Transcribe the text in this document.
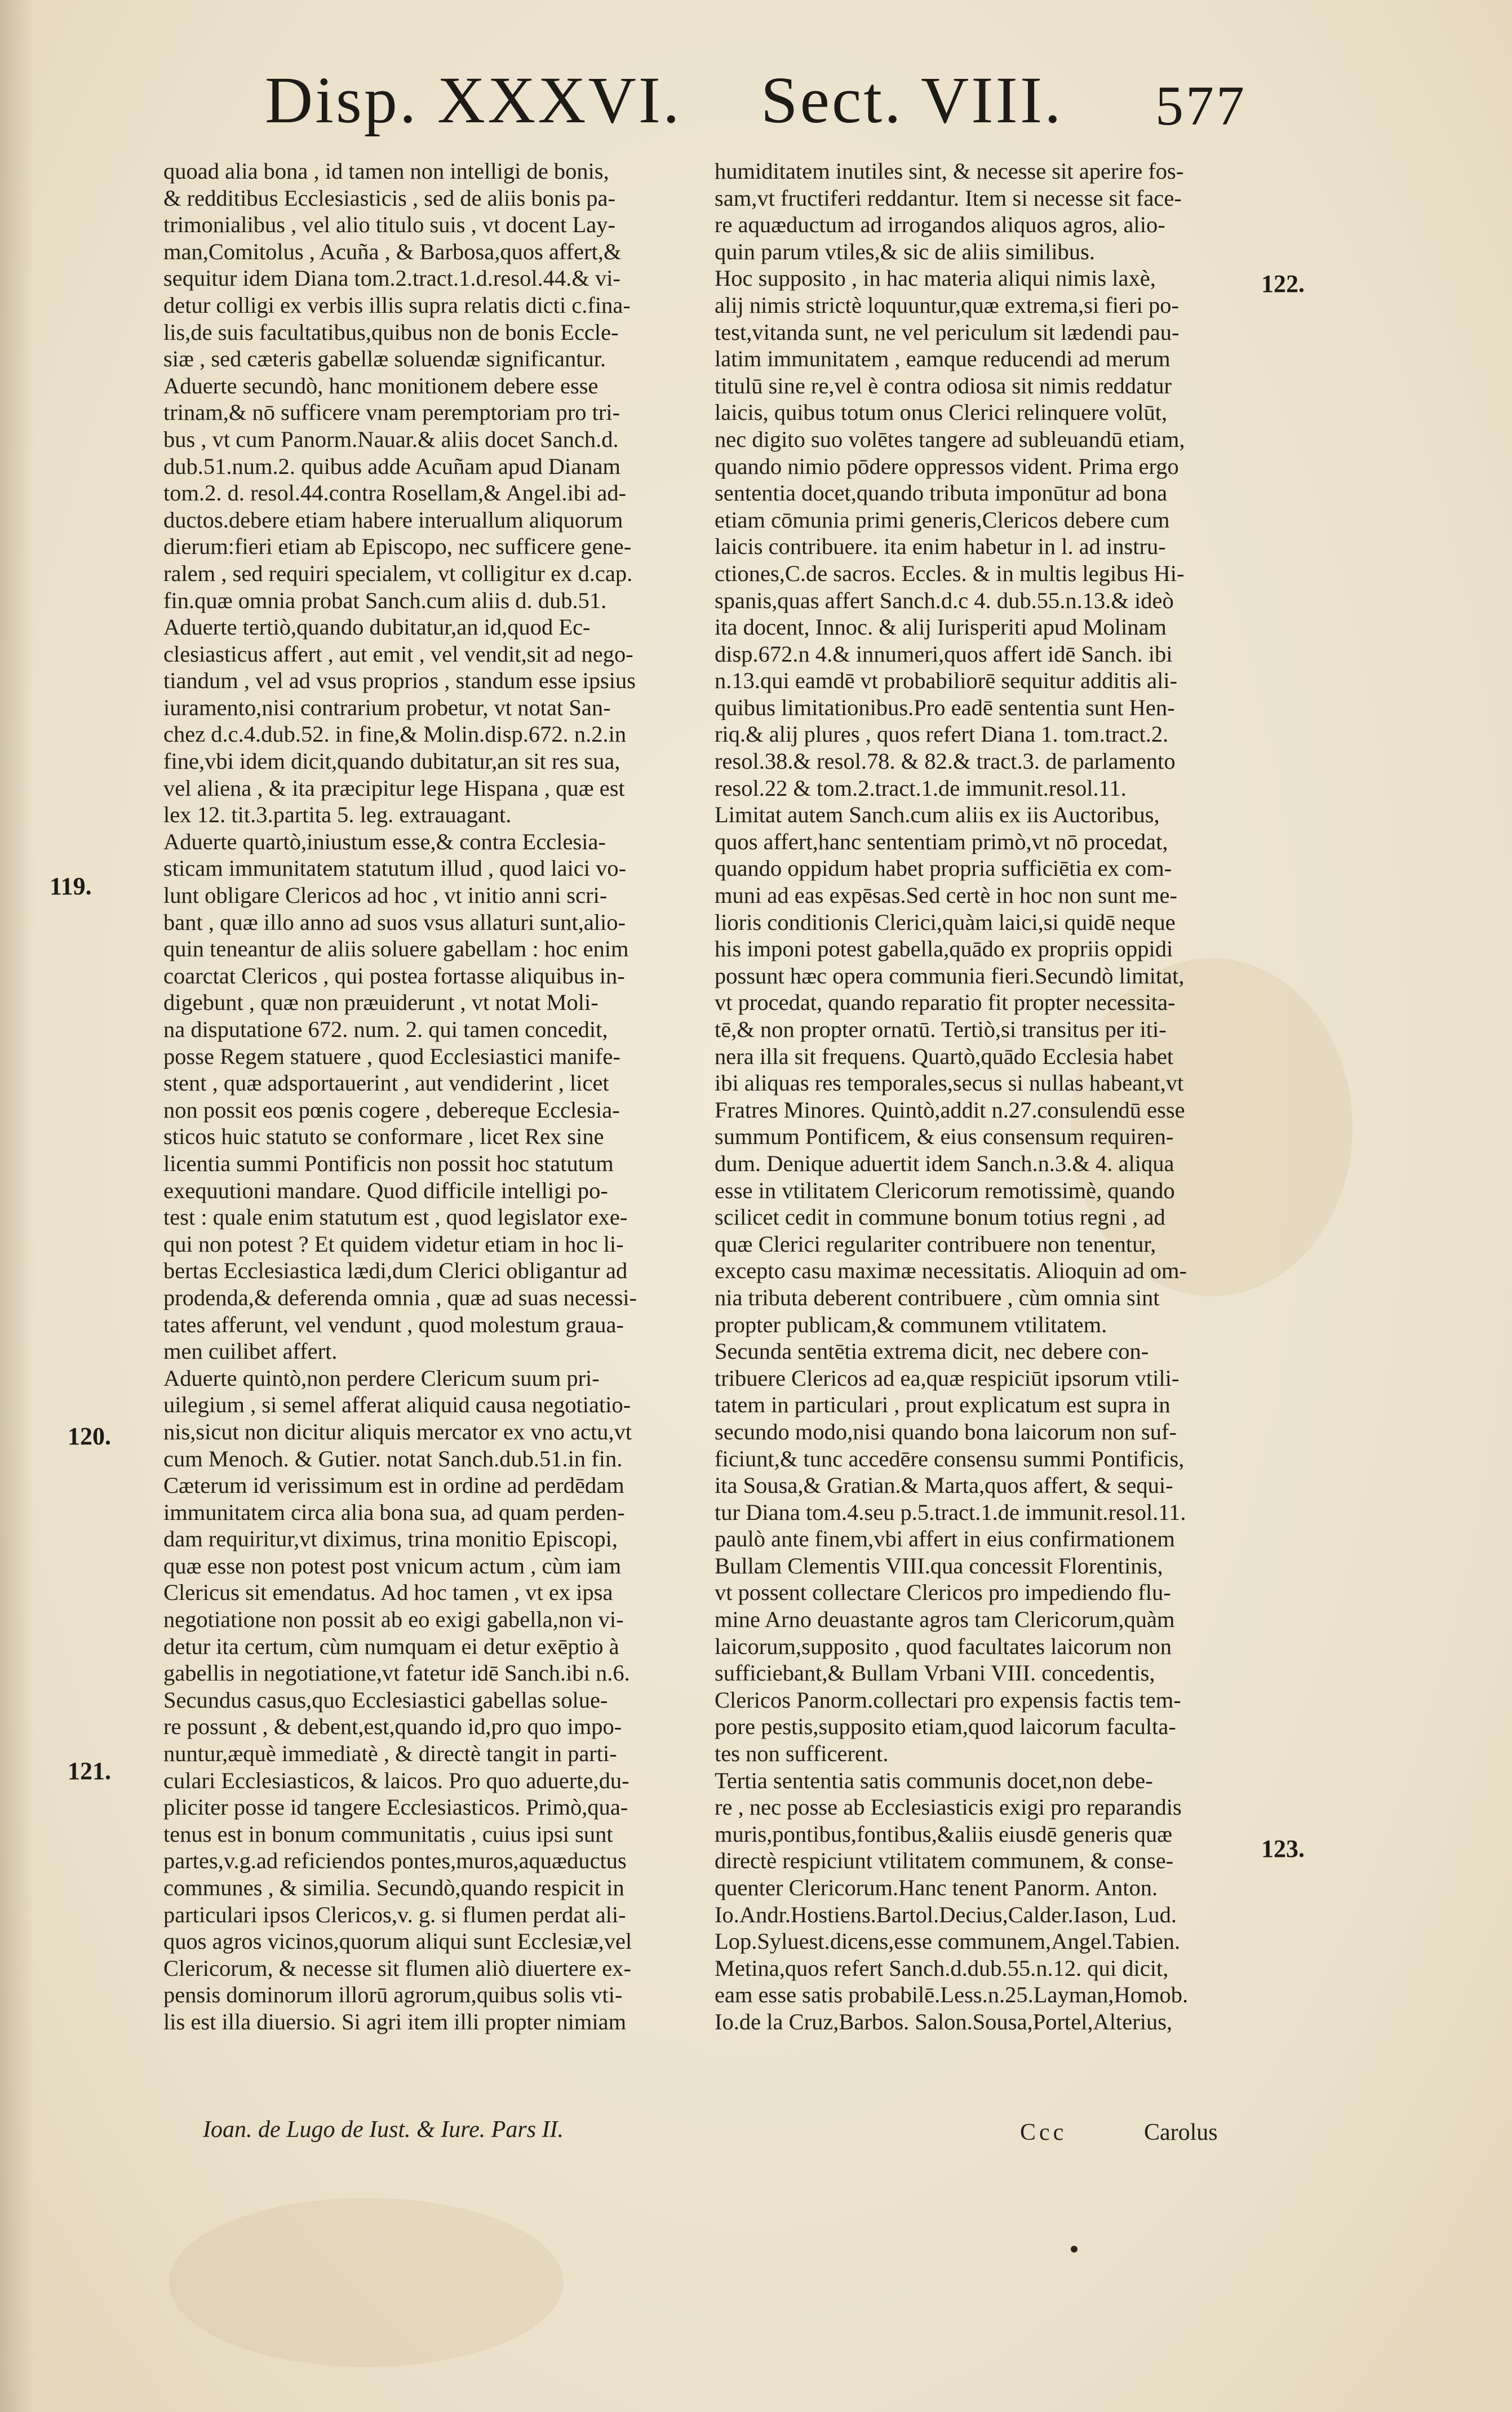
Disp. XXXVI. Sect. VIII. 577

quoad alia bona , id tamen non intelligi de bonis,

& redditibus Ecclesiasticis , sed de aliis bonis pa-

trimonialibus , vel alio titulo suis , vt docent Lay-

man,Comitolus , Acuña , & Barbosa,quos affert,&

sequitur idem Diana tom.2.tract.1.d.resol.44.& vi-

detur colligi ex verbis illis supra relatis dicti c.fina-

lis,de suis facultatibus,quibus non de bonis Eccle-

siæ , sed cæteris gabellæ soluendæ significantur.

Aduerte secundò, hanc monitionem debere esse

trinam,& nō sufficere vnam peremptoriam pro tri-

bus , vt cum Panorm.Nauar.& aliis docet Sanch.d.

dub.51.num.2. quibus adde Acuñam apud Dianam

tom.2. d. resol.44.contra Rosellam,& Angel.ibi ad-

ductos.debere etiam habere interuallum aliquorum

dierum:fieri etiam ab Episcopo, nec sufficere gene-

ralem , sed requiri specialem, vt colligitur ex d.cap.

fin.quæ omnia probat Sanch.cum aliis d. dub.51.

Aduerte tertiò,quando dubitatur,an id,quod Ec-

clesiasticus affert , aut emit , vel vendit,sit ad nego-

tiandum , vel ad vsus proprios , standum esse ipsius

iuramento,nisi contrarium probetur, vt notat San-

chez d.c.4.dub.52. in fine,& Molin.disp.672. n.2.in

fine,vbi idem dicit,quando dubitatur,an sit res sua,

vel aliena , & ita præcipitur lege Hispana , quæ est

lex 12. tit.3.partita 5. leg. extrauagant.

Aduerte quartò,iniustum esse,& contra Ecclesia-

sticam immunitatem statutum illud , quod laici vo-

lunt obligare Clericos ad hoc , vt initio anni scri-

bant , quæ illo anno ad suos vsus allaturi sunt,alio-

quin teneantur de aliis soluere gabellam : hoc enim

coarctat Clericos , qui postea fortasse aliquibus in-

digebunt , quæ non præuiderunt , vt notat Moli-

na disputatione 672. num. 2. qui tamen concedit,

posse Regem statuere , quod Ecclesiastici manife-

stent , quæ adsportauerint , aut vendiderint , licet

non possit eos pœnis cogere , debereque Ecclesia-

sticos huic statuto se conformare , licet Rex sine

licentia summi Pontificis non possit hoc statutum

exequutioni mandare. Quod difficile intelligi po-

test : quale enim statutum est , quod legislator exe-

qui non potest ? Et quidem videtur etiam in hoc li-

bertas Ecclesiastica lædi,dum Clerici obligantur ad

prodenda,& deferenda omnia , quæ ad suas necessi-

tates afferunt, vel vendunt , quod molestum graua-

men cuilibet affert.

Aduerte quintò,non perdere Clericum suum pri-

uilegium , si semel afferat aliquid causa negotiatio-

nis,sicut non dicitur aliquis mercator ex vno actu,vt

cum Menoch. & Gutier. notat Sanch.dub.51.in fin.

Cæterum id verissimum est in ordine ad perdēdam

immunitatem circa alia bona sua, ad quam perden-

dam requiritur,vt diximus, trina monitio Episcopi,

quæ esse non potest post vnicum actum , cùm iam

Clericus sit emendatus. Ad hoc tamen , vt ex ipsa

negotiatione non possit ab eo exigi gabella,non vi-

detur ita certum, cùm numquam ei detur exēptio à

gabellis in negotiatione,vt fatetur idē Sanch.ibi n.6.

Secundus casus,quo Ecclesiastici gabellas solue-

re possunt , & debent,est,quando id,pro quo impo-

nuntur,æquè immediatè , & directè tangit in parti-

culari Ecclesiasticos, & laicos. Pro quo aduerte,du-

pliciter posse id tangere Ecclesiasticos. Primò,qua-

tenus est in bonum communitatis , cuius ipsi sunt

partes,v.g.ad reficiendos pontes,muros,aquæductus

communes , & similia. Secundò,quando respicit in

particulari ipsos Clericos,v. g. si flumen perdat ali-

quos agros vicinos,quorum aliqui sunt Ecclesiæ,vel

Clericorum, & necesse sit flumen aliò diuertere ex-

pensis dominorum illorū agrorum,quibus solis vti-

lis est illa diuersio. Si agri item illi propter nimiam

humiditatem inutiles sint, & necesse sit aperire fos-

sam,vt fructiferi reddantur. Item si necesse sit face-

re aquæductum ad irrogandos aliquos agros, alio-

quin parum vtiles,& sic de aliis similibus.

Hoc supposito , in hac materia aliqui nimis laxè,

alij nimis strictè loquuntur,quæ extrema,si fieri po-

test,vitanda sunt, ne vel periculum sit lædendi pau-

latim immunitatem , eamque reducendi ad merum

titulū sine re,vel è contra odiosa sit nimis reddatur

laicis, quibus totum onus Clerici relinquere volūt,

nec digito suo volētes tangere ad subleuandū etiam,

quando nimio pōdere oppressos vident. Prima ergo

sententia docet,quando tributa imponūtur ad bona

etiam cōmunia primi generis,Clericos debere cum

laicis contribuere. ita enim habetur in l. ad instru-

ctiones,C.de sacros. Eccles. & in multis legibus Hi-

spanis,quas affert Sanch.d.c 4. dub.55.n.13.& ideò

ita docent, Innoc. & alij Iurisperiti apud Molinam

disp.672.n 4.& innumeri,quos affert idē Sanch. ibi

n.13.qui eamdē vt probabiliorē sequitur additis ali-

quibus limitationibus.Pro eadē sententia sunt Hen-

riq.& alij plures , quos refert Diana 1. tom.tract.2.

resol.38.& resol.78. & 82.& tract.3. de parlamento

resol.22 & tom.2.tract.1.de immunit.resol.11.

Limitat autem Sanch.cum aliis ex iis Auctoribus,

quos affert,hanc sententiam primò,vt nō procedat,

quando oppidum habet propria sufficiētia ex com-

muni ad eas expēsas.Sed certè in hoc non sunt me-

lioris conditionis Clerici,quàm laici,si quidē neque

his imponi potest gabella,quādo ex propriis oppidi

possunt hæc opera communia fieri.Secundò limitat,

vt procedat, quando reparatio fit propter necessita-

tē,& non propter ornatū. Tertiò,si transitus per iti-

nera illa sit frequens. Quartò,quādo Ecclesia habet

ibi aliquas res temporales,secus si nullas habeant,vt

Fratres Minores. Quintò,addit n.27.consulendū esse

summum Pontificem, & eius consensum requiren-

dum. Denique aduertit idem Sanch.n.3.& 4. aliqua

esse in vtilitatem Clericorum remotissimè, quando

scilicet cedit in commune bonum totius regni , ad

quæ Clerici regulariter contribuere non tenentur,

excepto casu maximæ necessitatis. Alioquin ad om-

nia tributa deberent contribuere , cùm omnia sint

propter publicam,& communem vtilitatem.

Secunda sentētia extrema dicit, nec debere con-

tribuere Clericos ad ea,quæ respiciūt ipsorum vtili-

tatem in particulari , prout explicatum est supra in

secundo modo,nisi quando bona laicorum non suf-

ficiunt,& tunc accedēre consensu summi Pontificis,

ita Sousa,& Gratian.& Marta,quos affert, & sequi-

tur Diana tom.4.seu p.5.tract.1.de immunit.resol.11.

paulò ante finem,vbi affert in eius confirmationem

Bullam Clementis VIII.qua concessit Florentinis,

vt possent collectare Clericos pro impediendo flu-

mine Arno deuastante agros tam Clericorum,quàm

laicorum,supposito , quod facultates laicorum non

sufficiebant,& Bullam Vrbani VIII. concedentis,

Clericos Panorm.collectari pro expensis factis tem-

pore pestis,supposito etiam,quod laicorum faculta-

tes non sufficerent.

Tertia sententia satis communis docet,non debe-

re , nec posse ab Ecclesiasticis exigi pro reparandis

muris,pontibus,fontibus,&aliis eiusdē generis quæ

directè respiciunt vtilitatem communem, & conse-

quenter Clericorum.Hanc tenent Panorm. Anton.

Io.Andr.Hostiens.Bartol.Decius,Calder.Iason, Lud.

Lop.Syluest.dicens,esse communem,Angel.Tabien.

Metina,quos refert Sanch.d.dub.55.n.12. qui dicit,

eam esse satis probabilē.Less.n.25.Layman,Homob.

Io.de la Cruz,Barbos. Salon.Sousa,Portel,Alterius,

119.
120.
121.
122.
123.
Ioan. de Lugo de Iust. & Iure. Pars II.	Ccc	Carolus
